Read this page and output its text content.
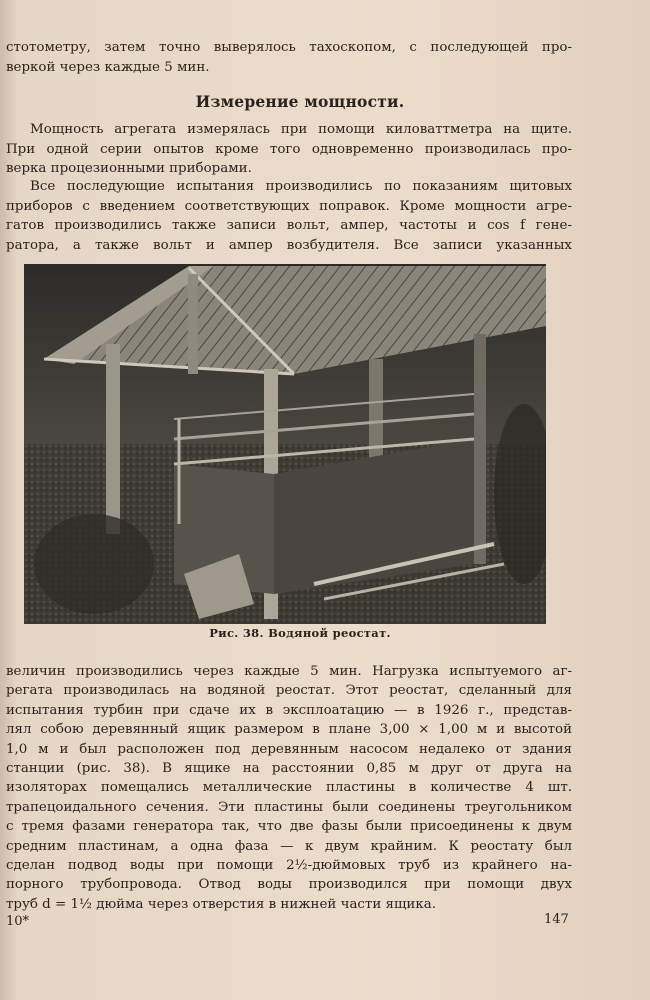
стотометру, затем точно выверялось тахоскопом, с последующей про-
веркой через каждые 5 мин.
Измерение мощности.
Мощность агрегата измерялась при помощи киловаттметра на щите.
При одной серии опытов кроме того одновременно производилась про-
верка процезионными приборами.
Все последующие испытания производились по показаниям щитовых
приборов с введением соответствующих поправок. Кроме мощности агре-
гатов производились также записи вольт, ампер, частоты и cos f гене-
ратора, а также вольт и ампер возбудителя. Все записи указанных
Рис. 38. Водяной реостат.
величин производились через каждые 5 мин. Нагрузка испытуемого аг-
регата производилась на водяной реостат. Этот реостат, сделанный для
испытания турбин при сдаче их в эксплоатацию — в 1926 г., представ-
лял собою деревянный ящик размером в плане 3,00 × 1,00 м и высотой
1,0 м и был расположен под деревянным насосом недалеко от здания
станции (рис. 38). В ящике на расстоянии 0,85 м друг от друга на
изоляторах помещались металлические пластины в количестве 4 шт.
трапецоидального сечения. Эти пластины были соединены треугольником
с тремя фазами генератора так, что две фазы были присоединены к двум
средним пластинам, а одна фаза — к двум крайним. К реостату был
сделан подвод воды при помощи 2½-дюймовых труб из крайнего на-
порного трубопровода. Отвод воды производился при помощи двух
труб d = 1½ дюйма через отверстия в нижней части ящика.
10*	147
